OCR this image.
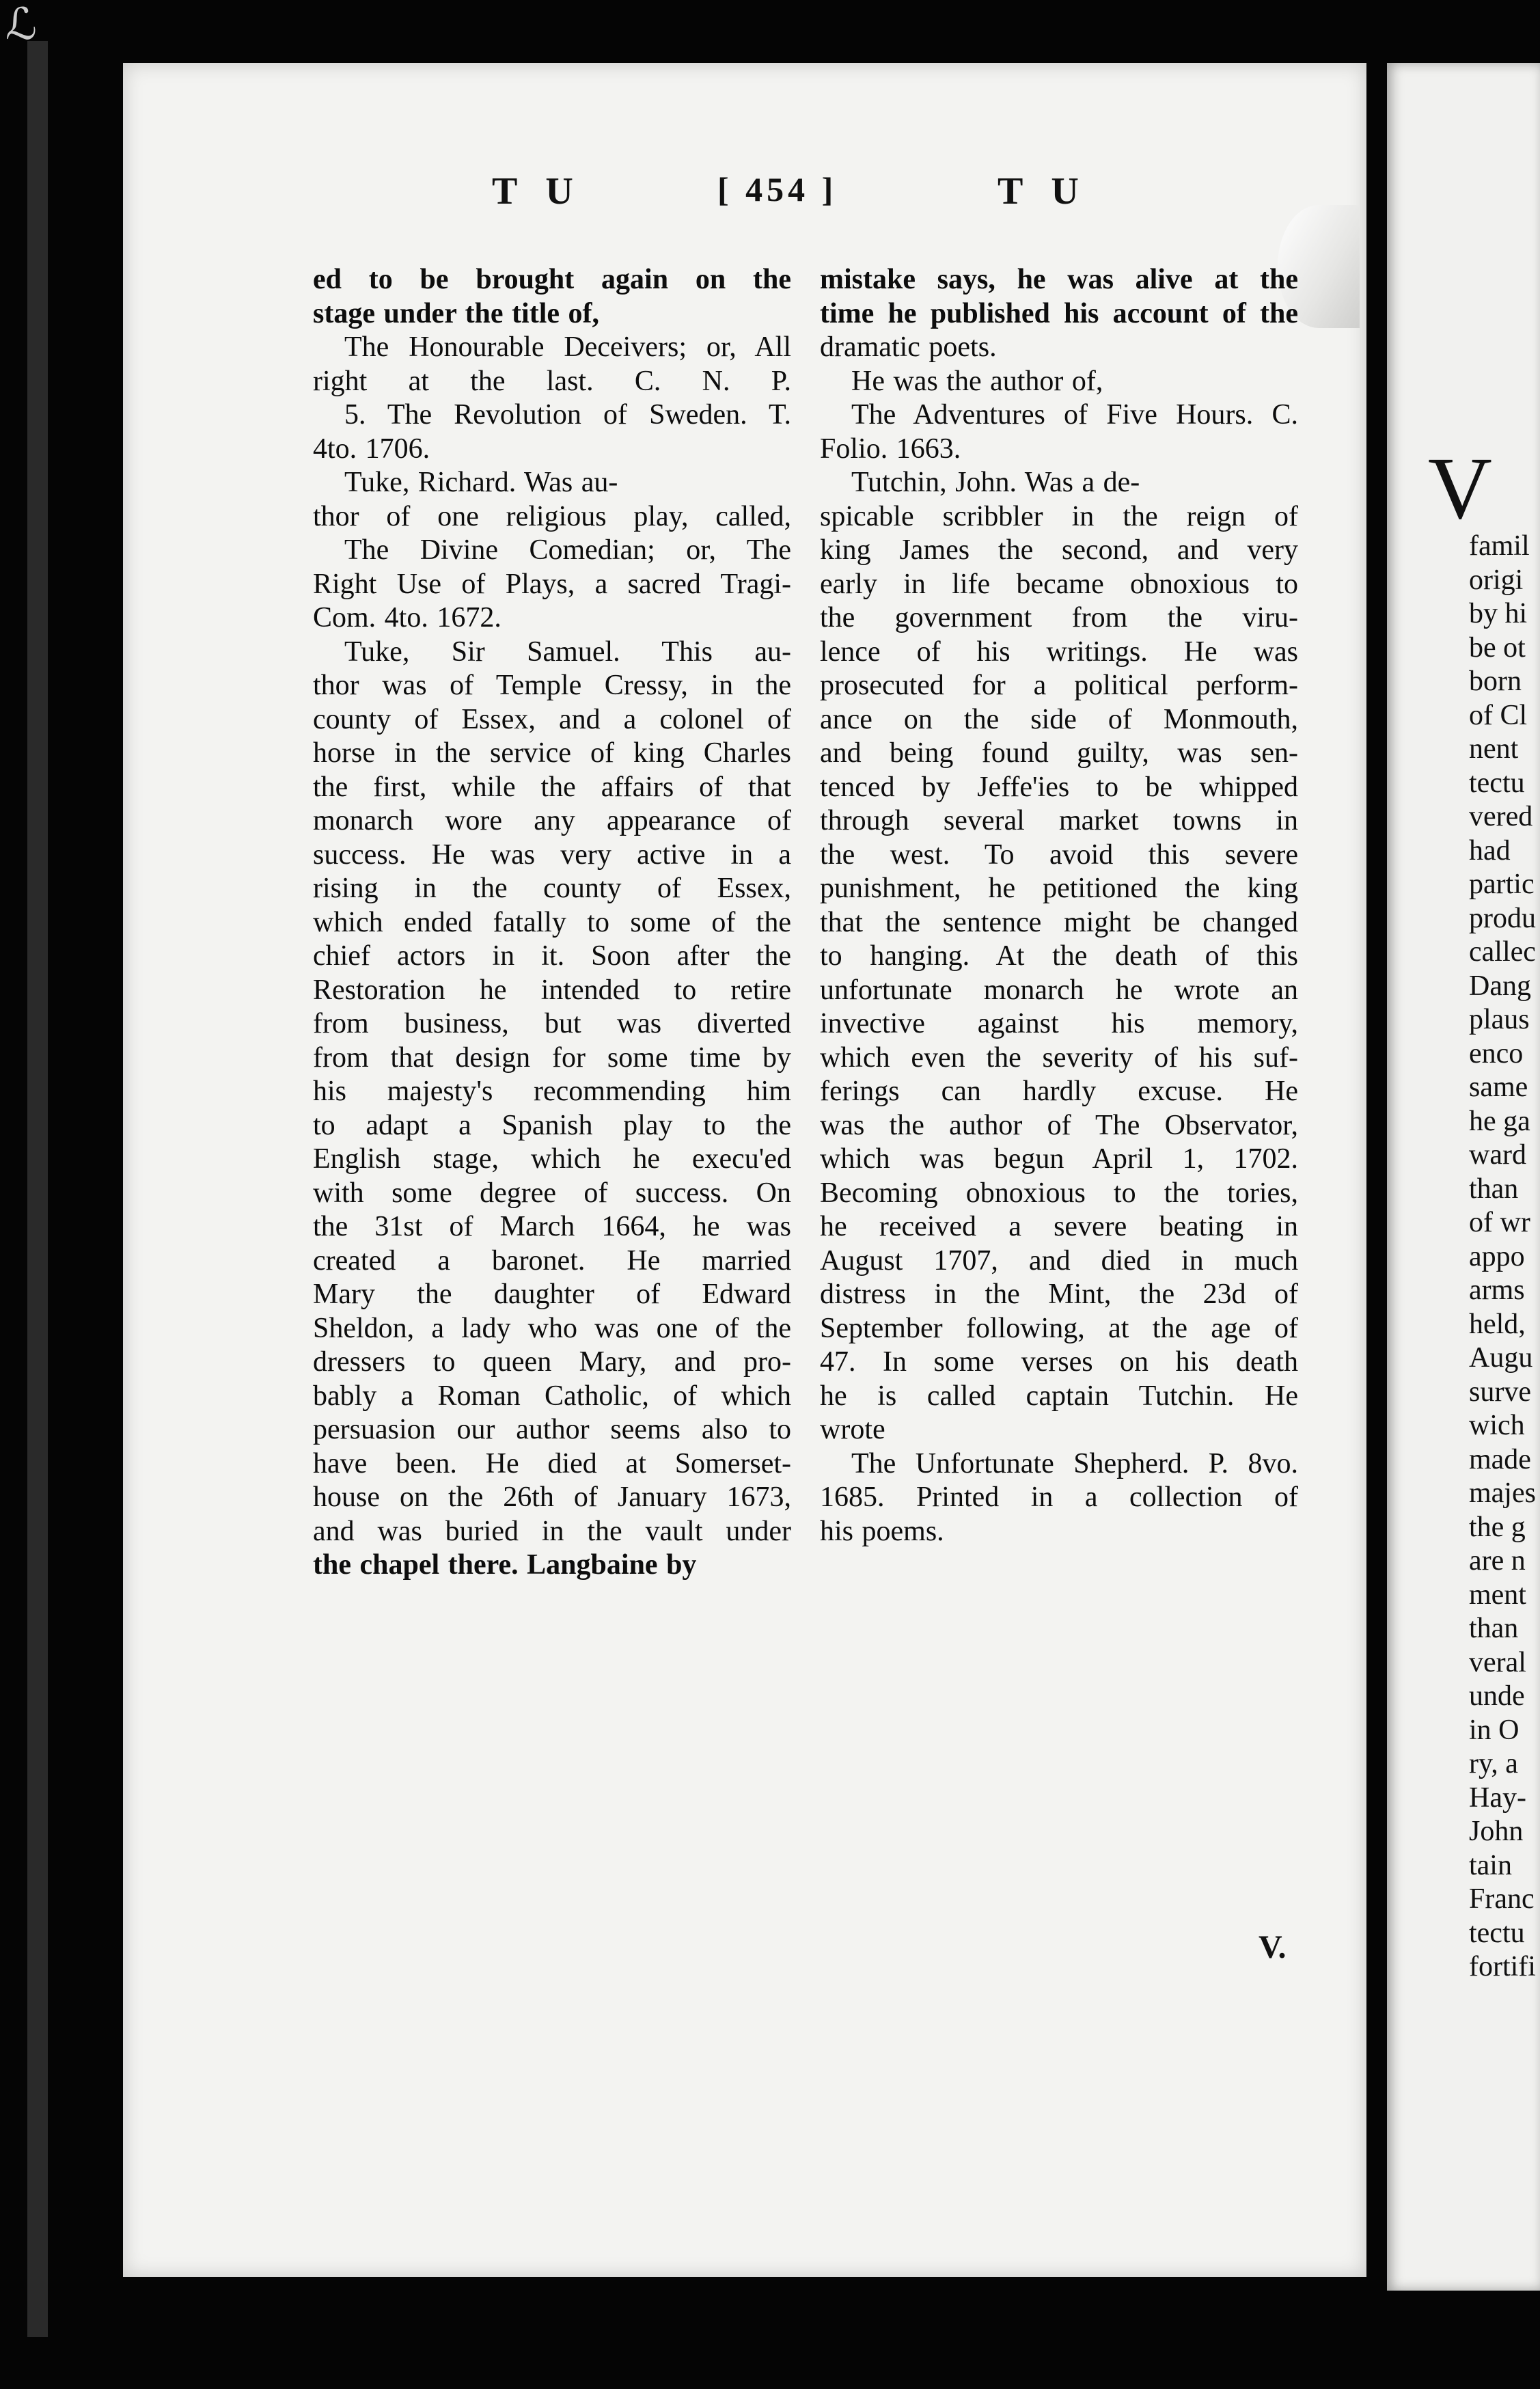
ℒ
T U	[ 454 ]	T U

ed to be brought again on the

stage under the title of,

The Honourable Deceivers; or, All

right at the last. C. N. P.

5. The Revolution of Sweden. T.

4to. 1706.

Tuke, Richard. Was au-

thor of one religious play, called,

The Divine Comedian; or, The

Right Use of Plays, a sacred Tragi-

Com. 4to. 1672.

Tuke, Sir Samuel. This au-

thor was of Temple Cressy, in the

county of Essex, and a colonel of

horse in the service of king Charles

the first, while the affairs of that

monarch wore any appearance of

success. He was very active in a

rising in the county of Essex,

which ended fatally to some of the

chief actors in it. Soon after the

Restoration he intended to retire

from business, but was diverted

from that design for some time by

his majesty's recommending him

to adapt a Spanish play to the

English stage, which he execu'ed

with some degree of success. On

the 31st of March 1664, he was

created a baronet. He married

Mary the daughter of Edward

Sheldon, a lady who was one of the

dressers to queen Mary, and pro-

bably a Roman Catholic, of which

persuasion our author seems also to

have been. He died at Somerset-

house on the 26th of January 1673,

and was buried in the vault under

the chapel there. Langbaine by

mistake says, he was alive at the

time he published his account of the

dramatic poets.

He was the author of,

The Adventures of Five Hours. C.

Folio. 1663.

Tutchin, John. Was a de-

spicable scribbler in the reign of

king James the second, and very

early in life became obnoxious to

the government from the viru-

lence of his writings. He was

prosecuted for a political perform-

ance on the side of Monmouth,

and being found guilty, was sen-

tenced by Jeffe'ies to be whipped

through several market towns in

the west. To avoid this severe

punishment, he petitioned the king

that the sentence might be changed

to hanging. At the death of this

unfortunate monarch he wrote an

invective against his memory,

which even the severity of his suf-

ferings can hardly excuse. He

was the author of The Observator,

which was begun April 1, 1702.

Becoming obnoxious to the tories,

he received a severe beating in

August 1707, and died in much

distress in the Mint, the 23d of

September following, at the age of

47. In some verses on his death

he is called captain Tutchin. He

wrote

The Unfortunate Shepherd. P. 8vo.

1685. Printed in a collection of

his poems.

V.
V
famil
origi
by hi
be ot
born
of Cl
nent
tectu
vered
had
partic
produ
callec
Dang
plaus
enco
same
he ga
ward
than
of wr
appo
arms
held,
Augu
surve
wich
made
majes
the g
are n
ment
than
veral
unde
in O
ry, a
Hay-
John
tain
Franc
tectu
fortifi
